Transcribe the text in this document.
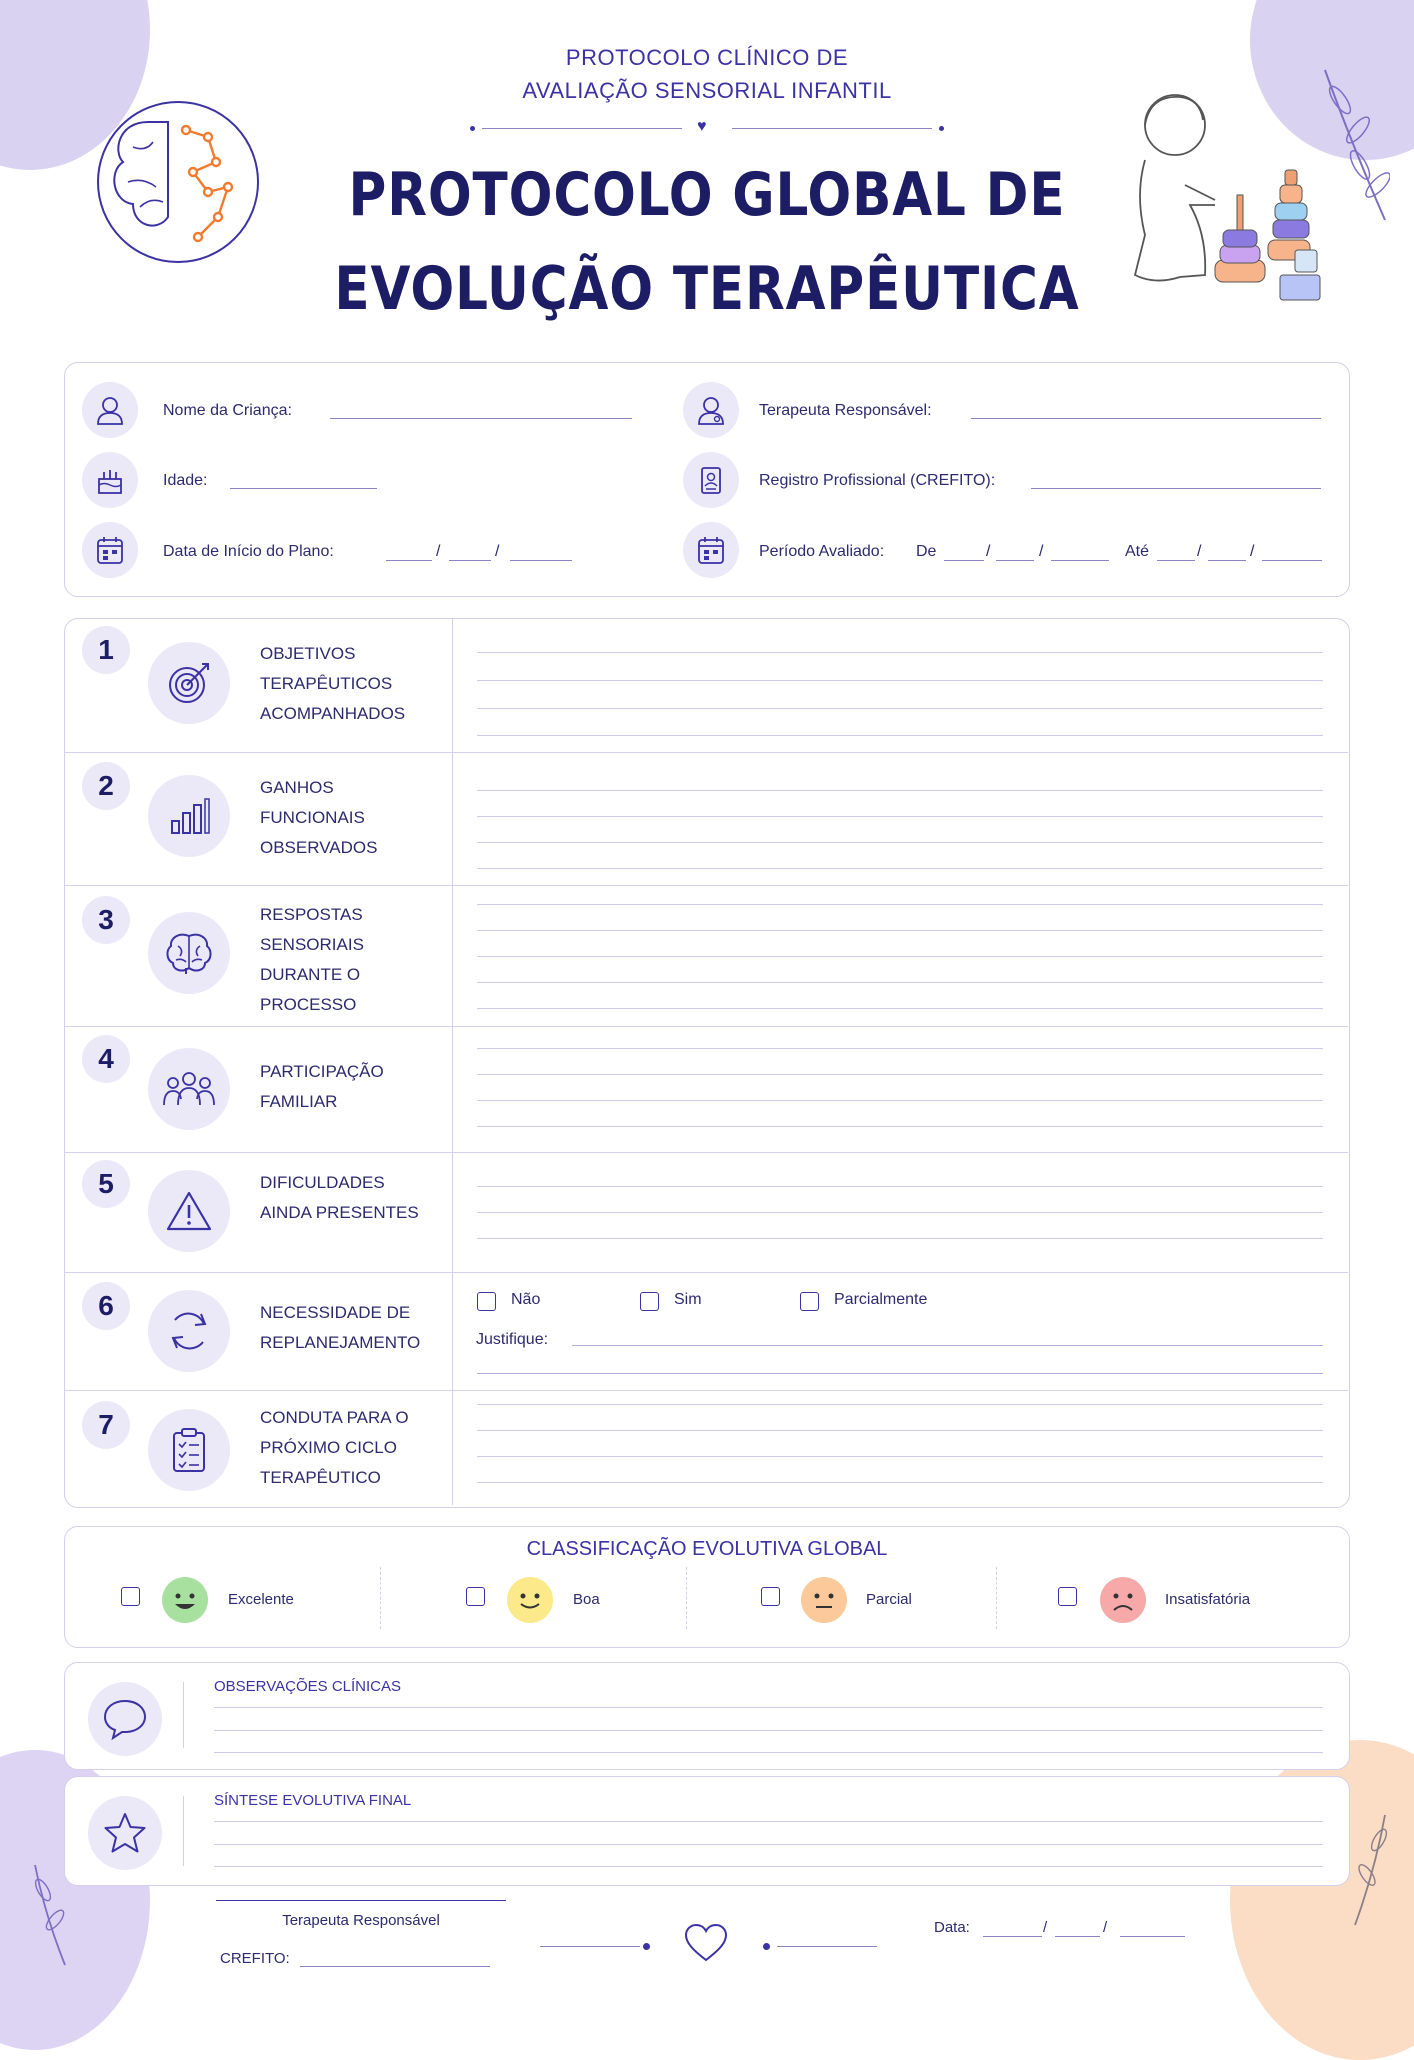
PROTOCOLO CLÍNICO DE
AVALIAÇÃO SENSORIAL INFANTIL
♥
PROTOCOLO GLOBAL DE
EVOLUÇÃO TERAPÊUTICA
Nome da Criança:
Idade:
Data de Início do Plano:	/	/
Terapeuta Responsável:
Registro Profissional (CREFITO):
Período Avaliado: De	/	/	Até	/	/
1	OBJETIVOS TERAPÊUTICOS ACOMPANHADOS
2	GANHOS FUNCIONAIS OBSERVADOS
3	RESPOSTAS SENSORIAIS DURANTE O PROCESSO
4	PARTICIPAÇÃO FAMILIAR
5	DIFICULDADES AINDA PRESENTES
6	NECESSIDADE DE REPLANEJAMENTO
Não	Sim	Parcialmente
Justifique:
7	CONDUTA PARA O PRÓXIMO CICLO TERAPÊUTICO
CLASSIFICAÇÃO EVOLUTIVA GLOBAL
Excelente	Boa	Parcial	Insatisfatória
OBSERVAÇÕES CLÍNICAS
SÍNTESE EVOLUTIVA FINAL
Terapeuta Responsável
CREFITO:
Data:	/	/
